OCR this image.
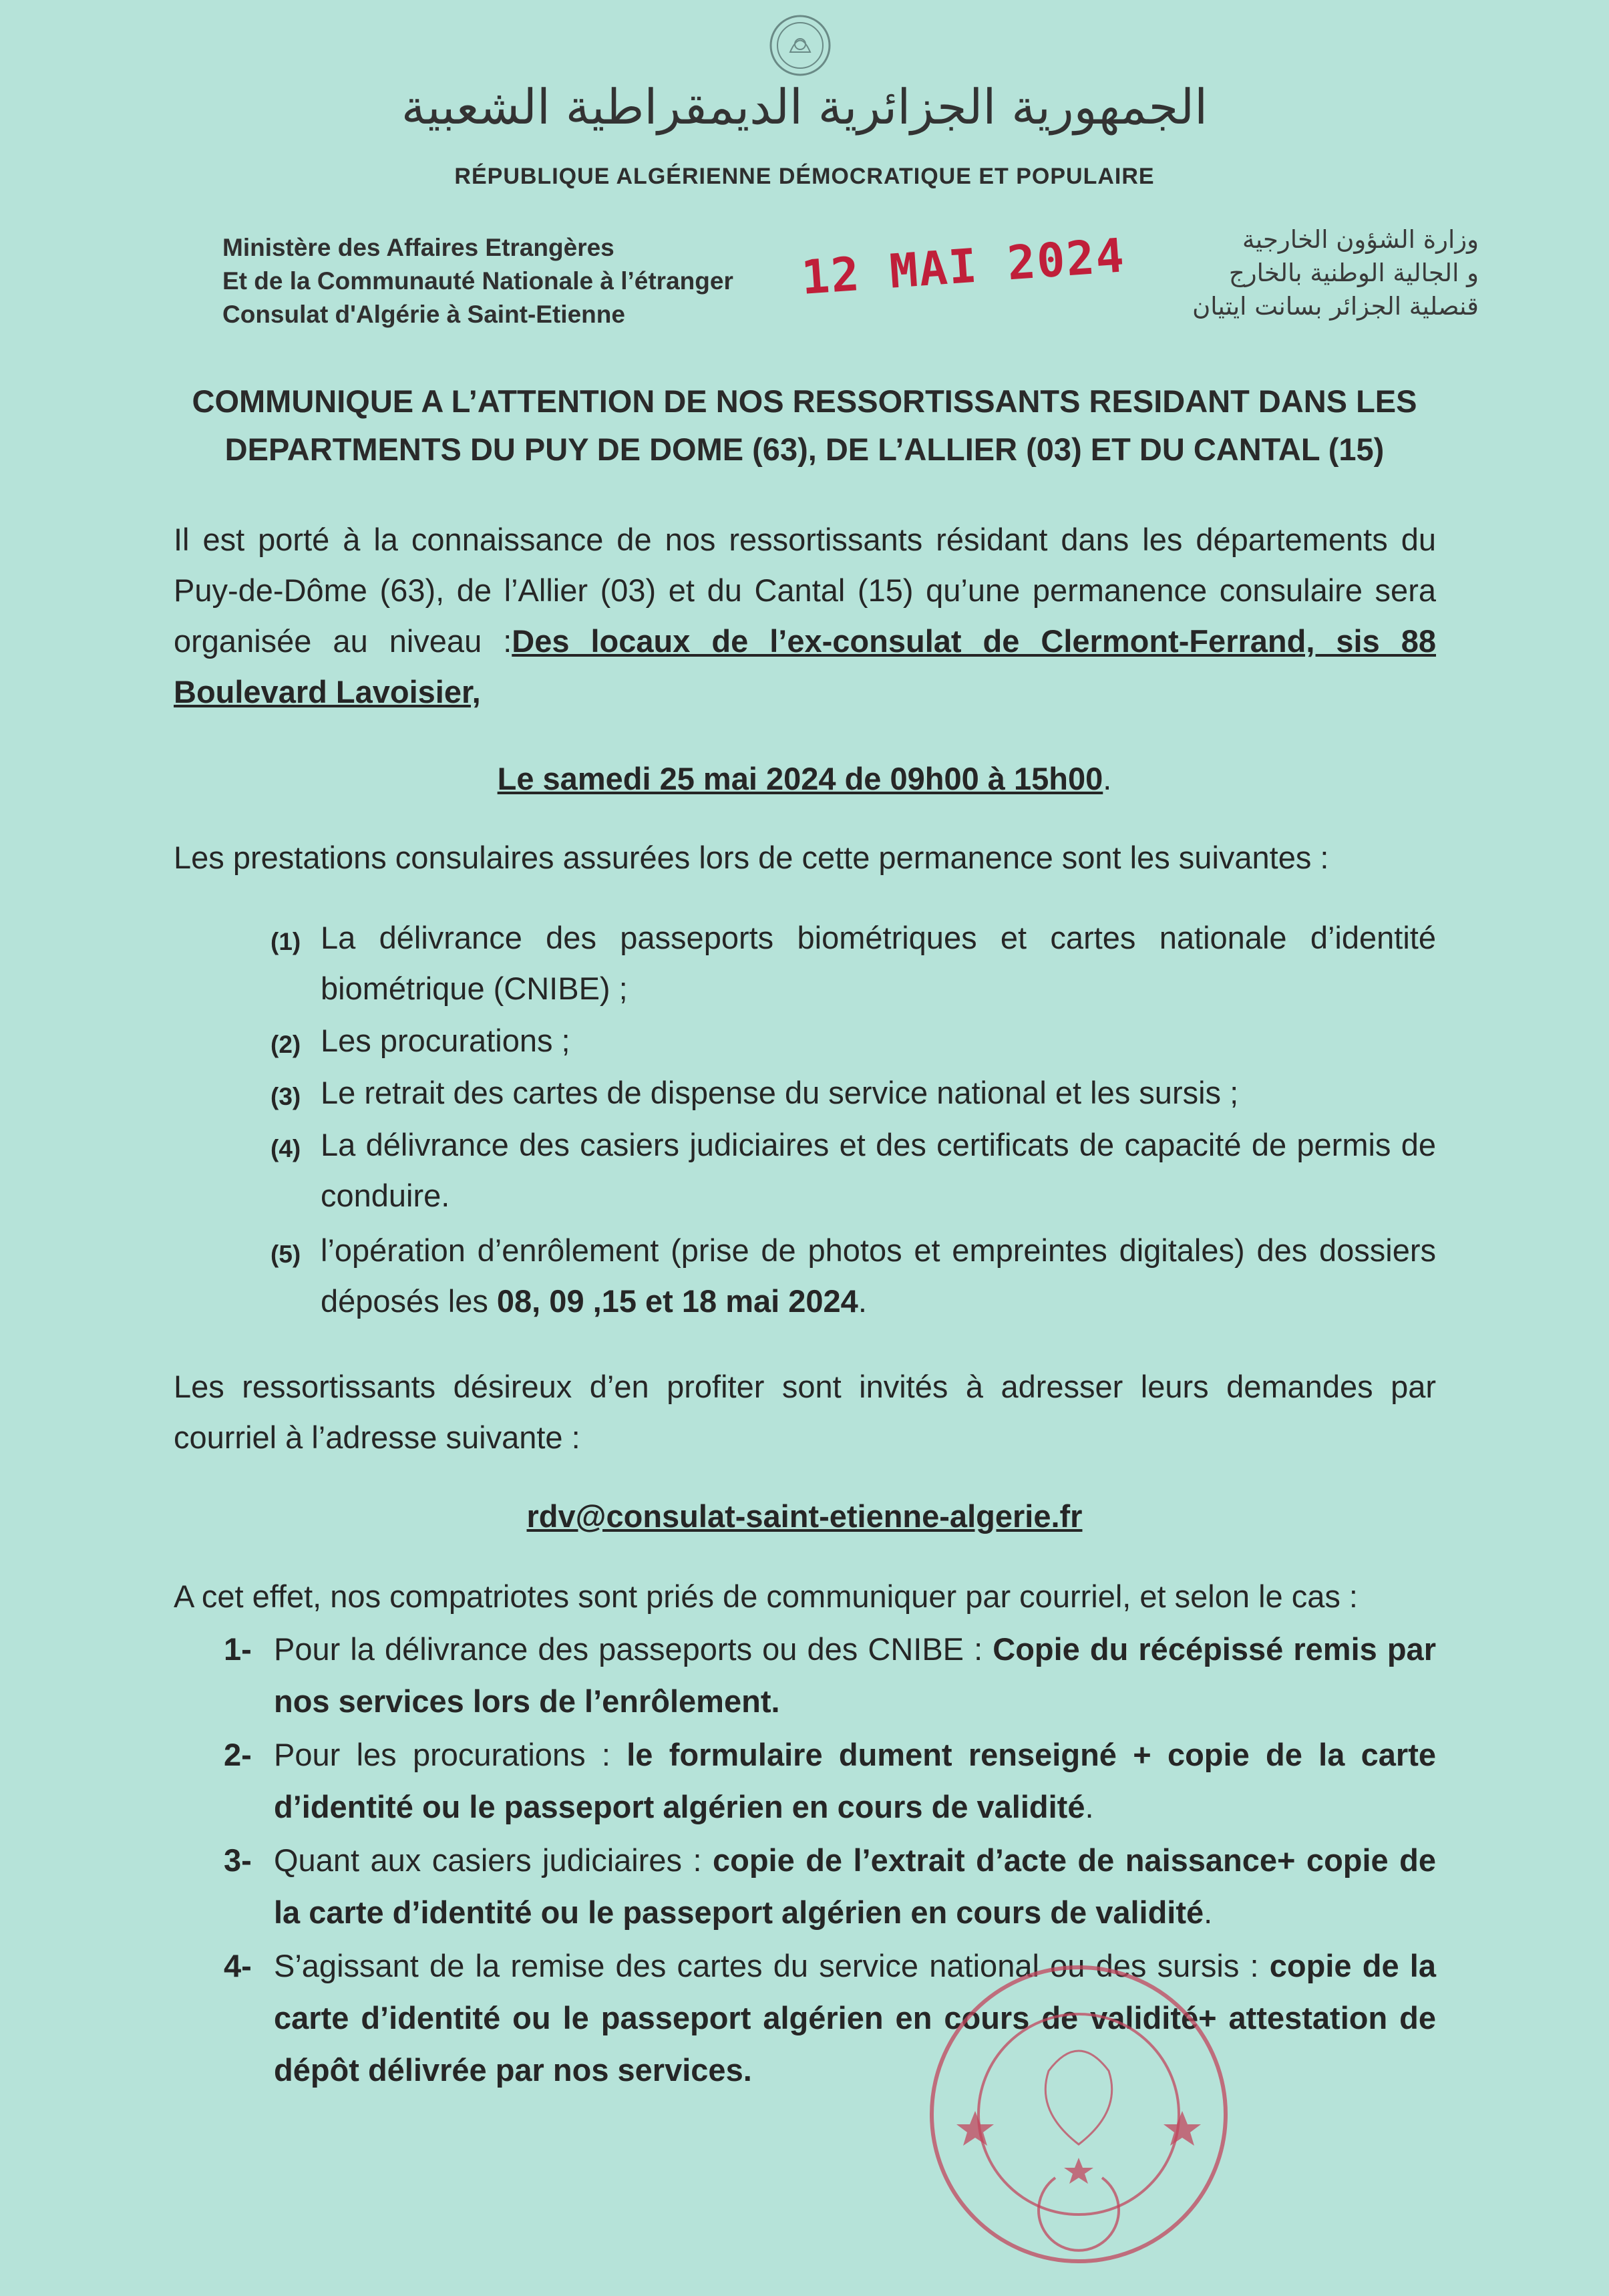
الجمهورية الجزائرية الديمقراطية الشعبية
RÉPUBLIQUE ALGÉRIENNE DÉMOCRATIQUE ET POPULAIRE
Ministère des Affaires Etrangères
Et de la Communauté Nationale à l’étranger
Consulat d'Algérie à Saint-Etienne
وزارة الشؤون الخارجية
و الجالية الوطنية بالخارج
قنصلية الجزائر بسانت ايتيان
12 MAI 2024
COMMUNIQUE A L’ATTENTION DE NOS RESSORTISSANTS RESIDANT DANS LES
DEPARTMENTS DU PUY DE DOME (63), DE L’ALLIER (03) ET DU CANTAL (15)
Il est porté à la connaissance de nos ressortissants résidant dans les départements du Puy-de-Dôme (63), de l’Allier (03) et du Cantal (15) qu’une permanence consulaire sera organisée au niveau :Des locaux de l’ex-consulat de Clermont-Ferrand, sis 88 Boulevard Lavoisier,
Le samedi 25 mai 2024 de 09h00 à 15h00.
Les prestations consulaires assurées lors de cette permanence sont les suivantes :
(1) La délivrance des passeports biométriques et cartes nationale d’identité biométrique (CNIBE) ;
(2) Les procurations ;
(3) Le retrait des cartes de dispense du service national et les sursis ;
(4) La délivrance des casiers judiciaires et des certificats de capacité de permis de conduire.
(5) l’opération d’enrôlement (prise de photos et empreintes digitales) des dossiers déposés les 08, 09 ,15 et 18 mai 2024.
Les ressortissants désireux d’en profiter sont invités à adresser leurs demandes par courriel à l’adresse suivante :
rdv@consulat-saint-etienne-algerie.fr
A cet effet, nos compatriotes sont priés de communiquer par courriel, et selon le cas :
1- Pour la délivrance des passeports ou des CNIBE : Copie du récépissé remis par nos services lors de l’enrôlement.
2- Pour les procurations : le formulaire dument renseigné + copie de la carte d’identité ou le passeport algérien en cours de validité.
3- Quant aux casiers judiciaires : copie de l’extrait d’acte de naissance+ copie de la carte d’identité ou le passeport algérien en cours de validité.
4- S’agissant de la remise des cartes du service national ou des sursis : copie de la carte d’identité ou le passeport algérien en cours de validité+ attestation de dépôt délivrée par nos services.
